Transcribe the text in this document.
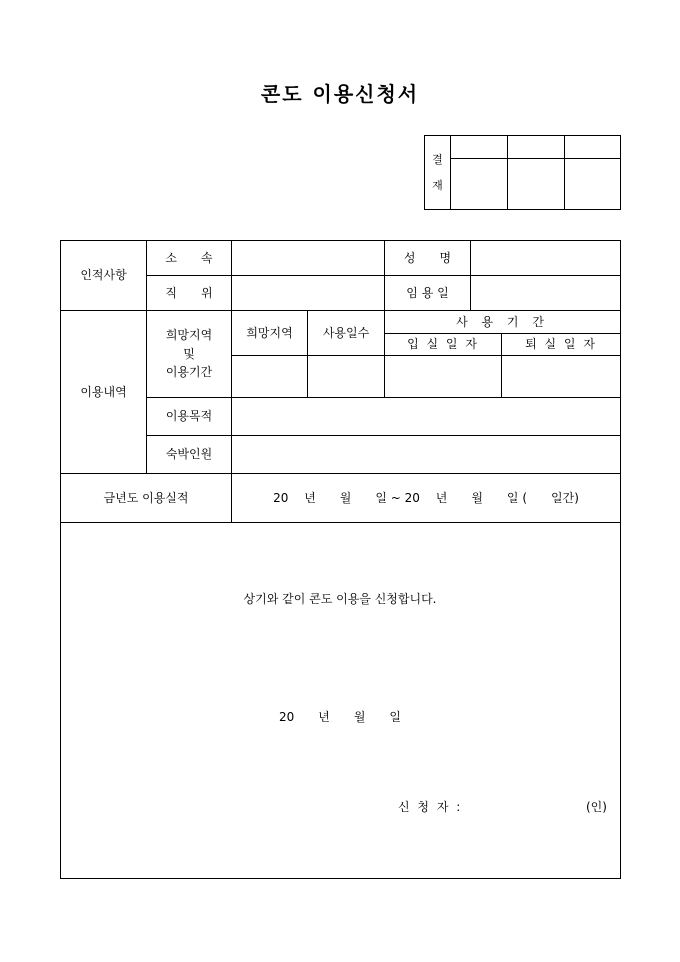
콘도 이용신청서
결

재
인적사항
소　　속	성　　명
직　　위	임 용 일
이용내역
희망지역
및
이용기간
희망지역	사용일수
사 용 기 간
입 실 일 자	퇴 실 일 자
이용목적
숙박인원
금년도 이용실적	20　 년　　월　　일 ~ 20　 년　　월　　일 (　　일간)
상기와 같이 콘도 이용을 신청합니다.
20　　년　　월　　일
신 청 자 :	(인)
